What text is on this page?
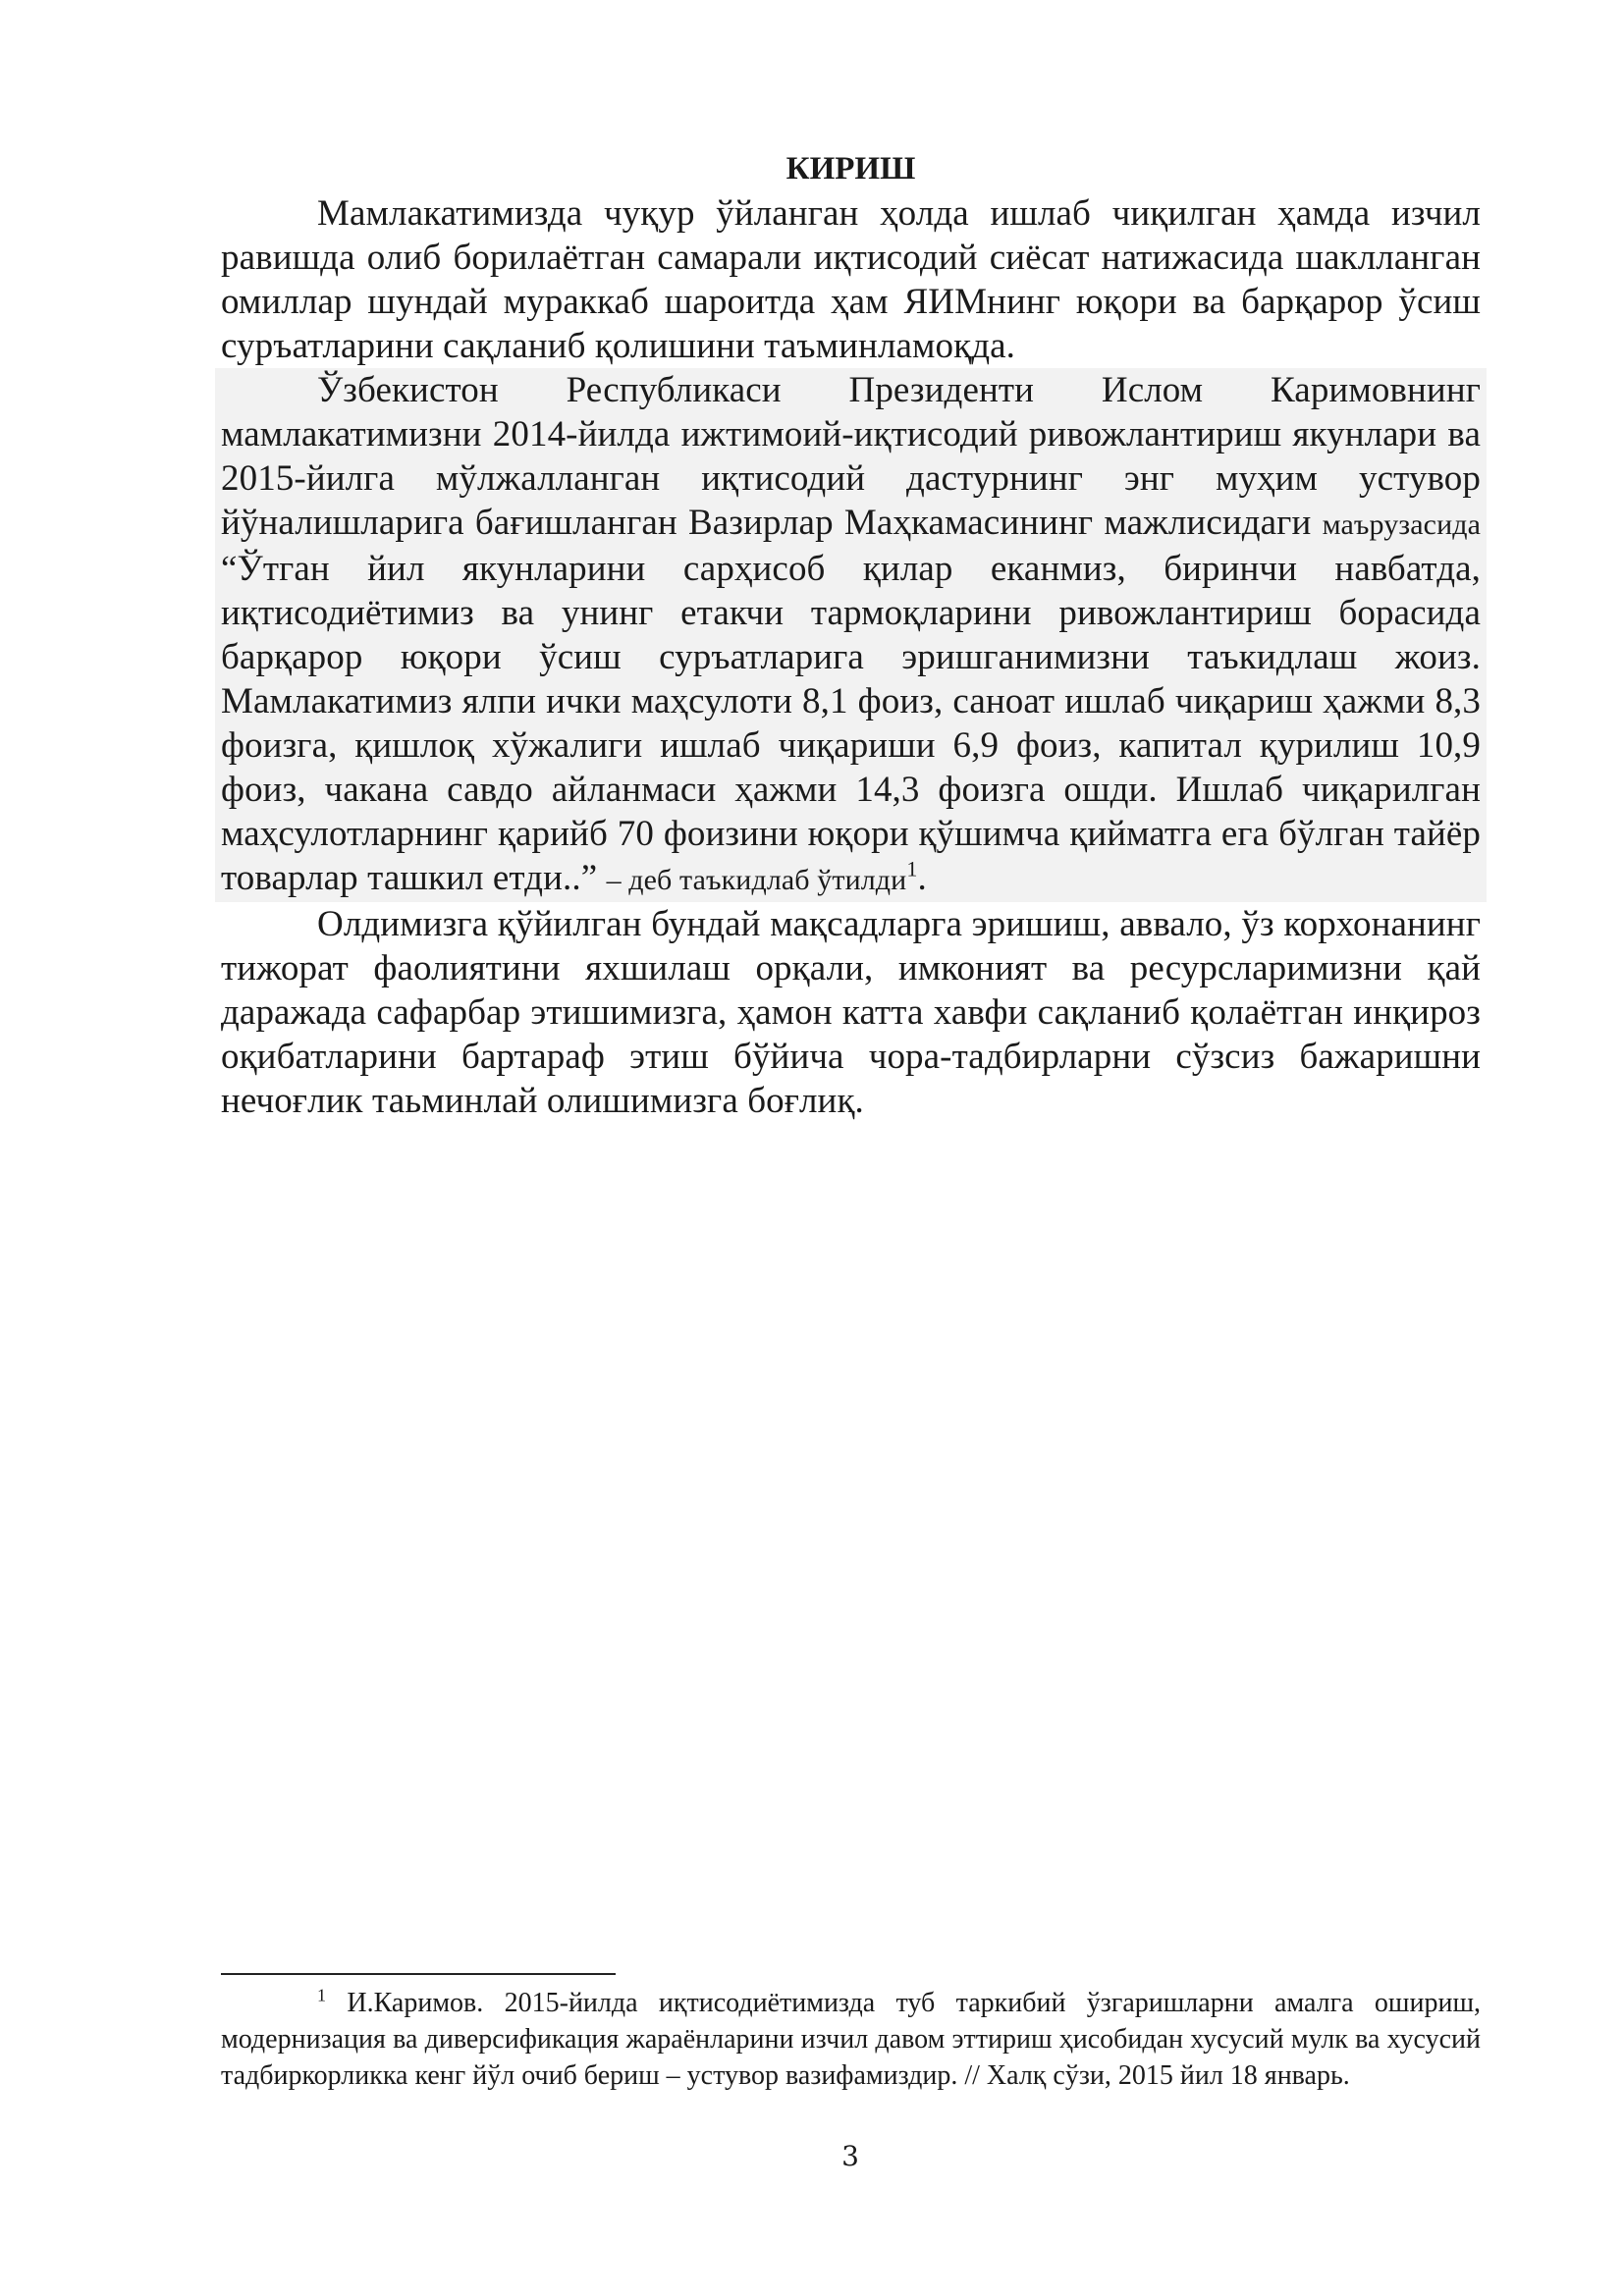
КИРИШ

Мамлакатимизда чуқур ўйланган ҳолда ишлаб чиқилган ҳамда изчил равишда олиб борилаётган самарали иқтисодий сиёсат натижасида шаклланган омиллар шундай мураккаб шароитда ҳам ЯИМнинг юқори ва барқарор ўсиш суръатларини сақланиб қолишини таъминламоқда.

Ўзбекистон Республикаси Президенти Ислом Каримовнинг мамлакатимизни 2014-йилда ижтимоий-иқтисодий ривожлантириш якунлари ва 2015-йилга мўлжалланган иқтисодий дастурнинг энг муҳим устувор йўналишларига бағишланган Вазирлар Маҳкамасининг мажлисидаги маърузасида “Ўтган йил якунларини сарҳисоб қилар еканмиз, биринчи навбатда, иқтисодиётимиз ва унинг етакчи тармоқларини ривожлантириш борасида барқарор юқори ўсиш суръатларига эришганимизни таъкидлаш жоиз. Мамлакатимиз ялпи ички маҳсулоти 8,1 фоиз, саноат ишлаб чиқариш ҳажми 8,3 фоизга, қишлоқ хўжалиги ишлаб чиқариши 6,9 фоиз, капитал қурилиш 10,9 фоиз, чакана савдо айланмаси ҳажми 14,3 фоизга ошди. Ишлаб чиқарилган маҳсулотларнинг қарийб 70 фоизини юқори қўшимча қийматга ега бўлган тайёр товарлар ташкил етди..” – деб таъкидлаб ўтилди$^1$.

Олдимизга қўйилган бундай мақсадларга эришиш, аввало, ўз корхонанинг тижорат фаолиятини яхшилаш орқали, имконият ва ресурсларимизни қай даражада сафарбар этишимизга, ҳамон катта хавфи сақланиб қолаётган инқироз оқибатларини бартараф этиш бўйича чора-тадбирларни сўзсиз бажаришни нечоғлик таьминлай олишимизга боғлиқ.

$^1$ И.Каримов. 2015-йилда иқтисодиётимизда туб таркибий ўзгаришларни амалга ошириш, модернизация ва диверсификация жараёнларини изчил давом эттириш ҳисобидан хусусий мулк ва хусусий тадбиркорликка кенг йўл очиб бериш – устувор вазифамиздир. // Халқ сўзи, 2015 йил 18 январь.

3
